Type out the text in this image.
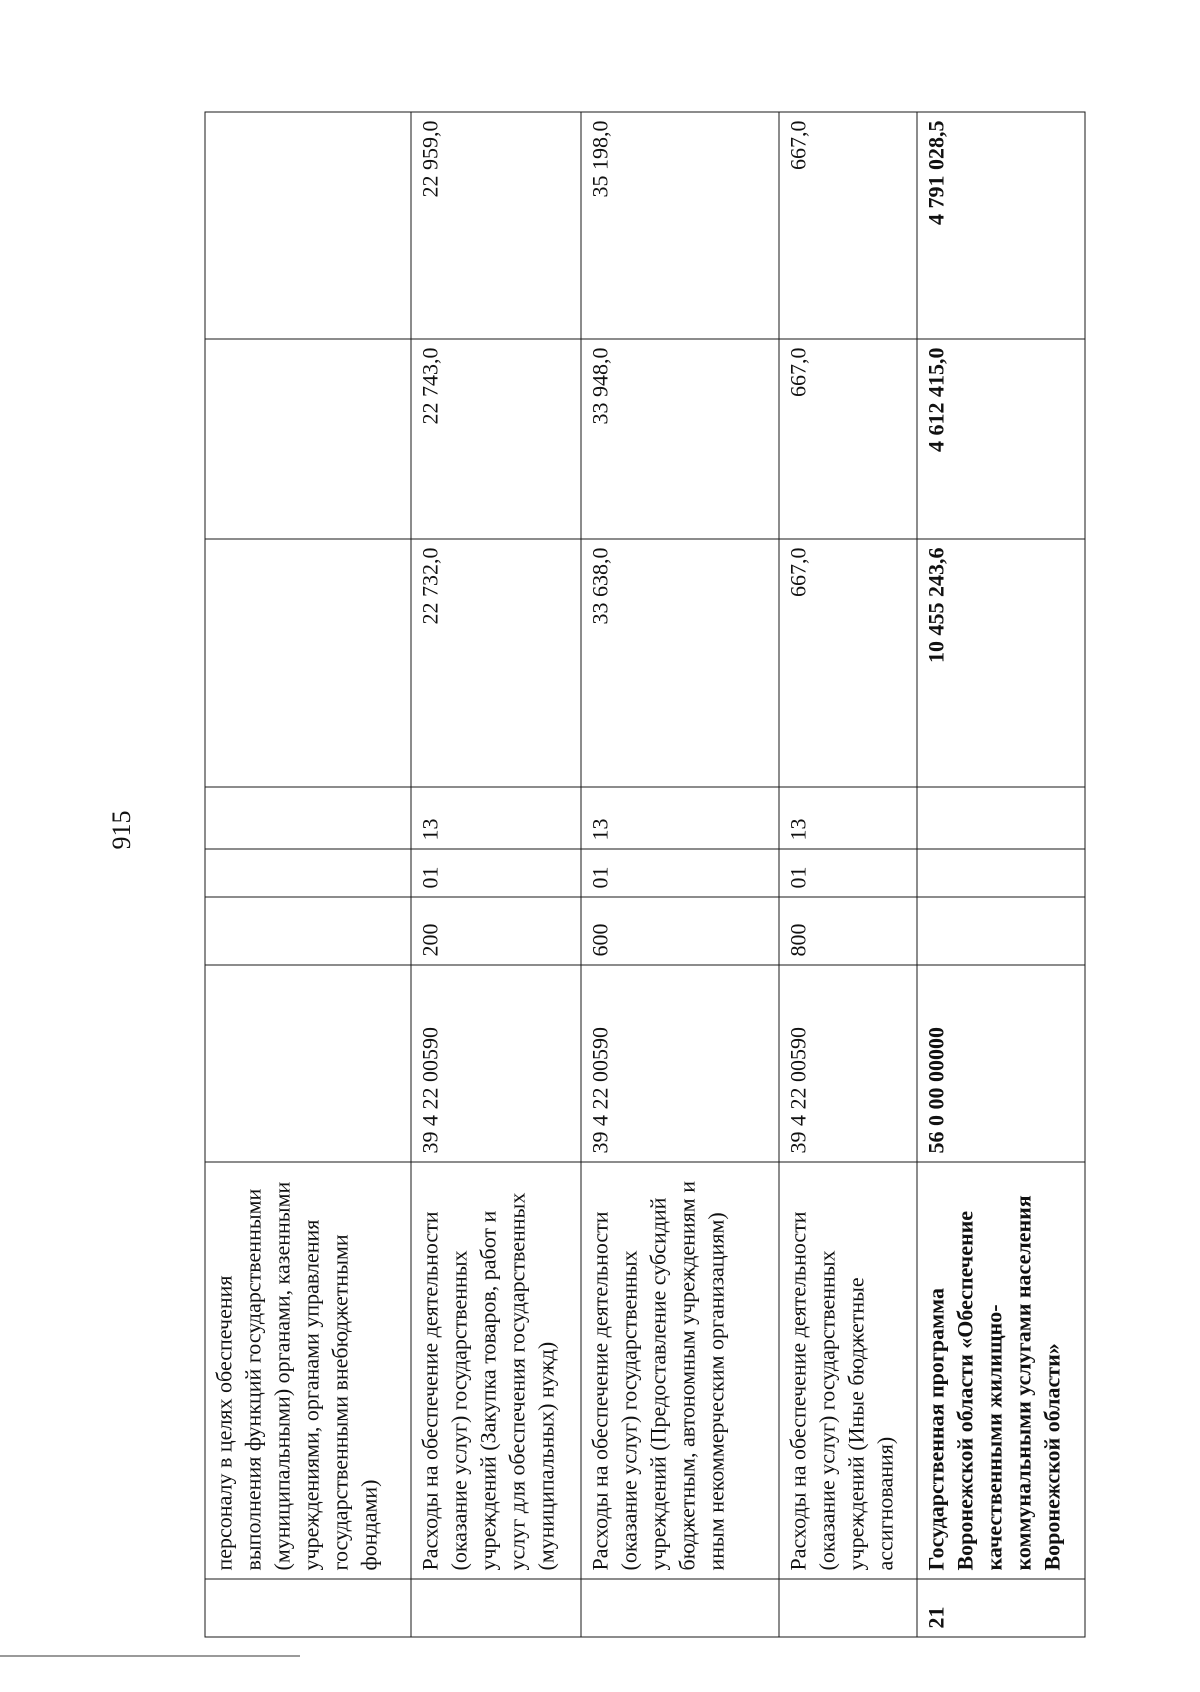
915
	персоналу в целях обеспечения выполнения функций государственными (муниципальными) органами, казенными учреждениями, органами управления государственными внебюджетными фондами)							
	Расходы на обеспечение деятельности (оказание услуг) государственных учреждений (Закупка товаров, работ и услуг для обеспечения государственных (муниципальных) нужд)	39 4 22 00590	200	01	13	22 732,0	22 743,0	22 959,0
	Расходы на обеспечение деятельности (оказание услуг) государственных учреждений (Предоставление субсидий бюджетным, автономным учреждениям и иным некоммерческим организациям)	39 4 22 00590	600	01	13	33 638,0	33 948,0	35 198,0
	Расходы на обеспечение деятельности (оказание услуг) государственных учреждений (Иные бюджетные ассигнования)	39 4 22 00590	800	01	13	667,0	667,0	667,0
21	Государственная программа Воронежской области «Обеспечение качественными жилищно-коммунальными услугами населения Воронежской области»	56 0 00 00000				10 455 243,6	4 612 415,0	4 791 028,5
